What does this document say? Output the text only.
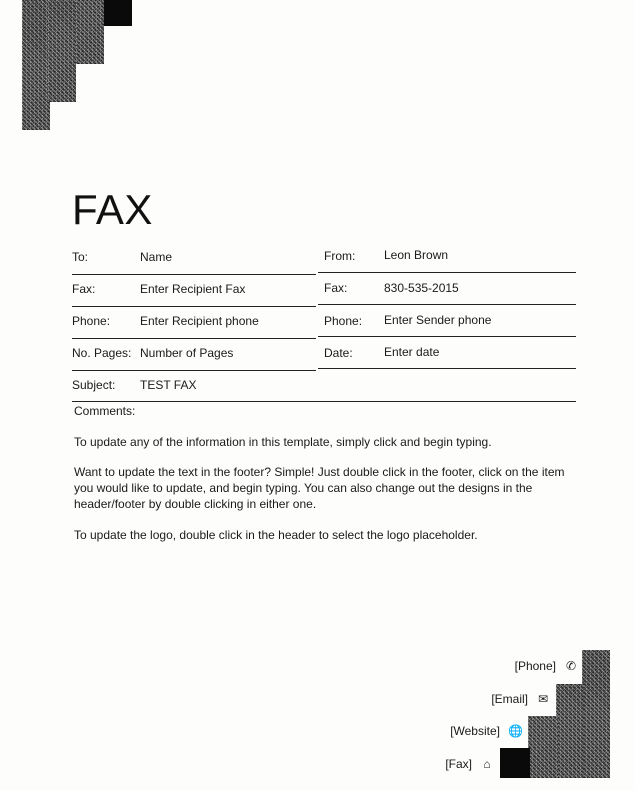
FAX
To:	Name	From: Leon Brown
Fax:	Enter Recipient Fax	Fax:	830-535-2015
Phone: Enter Recipient phone	Phone: Enter Sender phone
No. Pages: Number of Pages	Date:	Enter date
Subject: TEST FAX
Comments:
To update any of the information in this template, simply click and begin typing.
Want to update the text in the footer? Simple! Just double click in the footer, click on the item you would like to update, and begin typing. You can also change out the designs in the header/footer by double clicking in either one.
To update the logo, double click in the header to select the logo placeholder.
[Phone] ✆
[Email] ✉
[Website] 🌐
[Fax] ⌂
